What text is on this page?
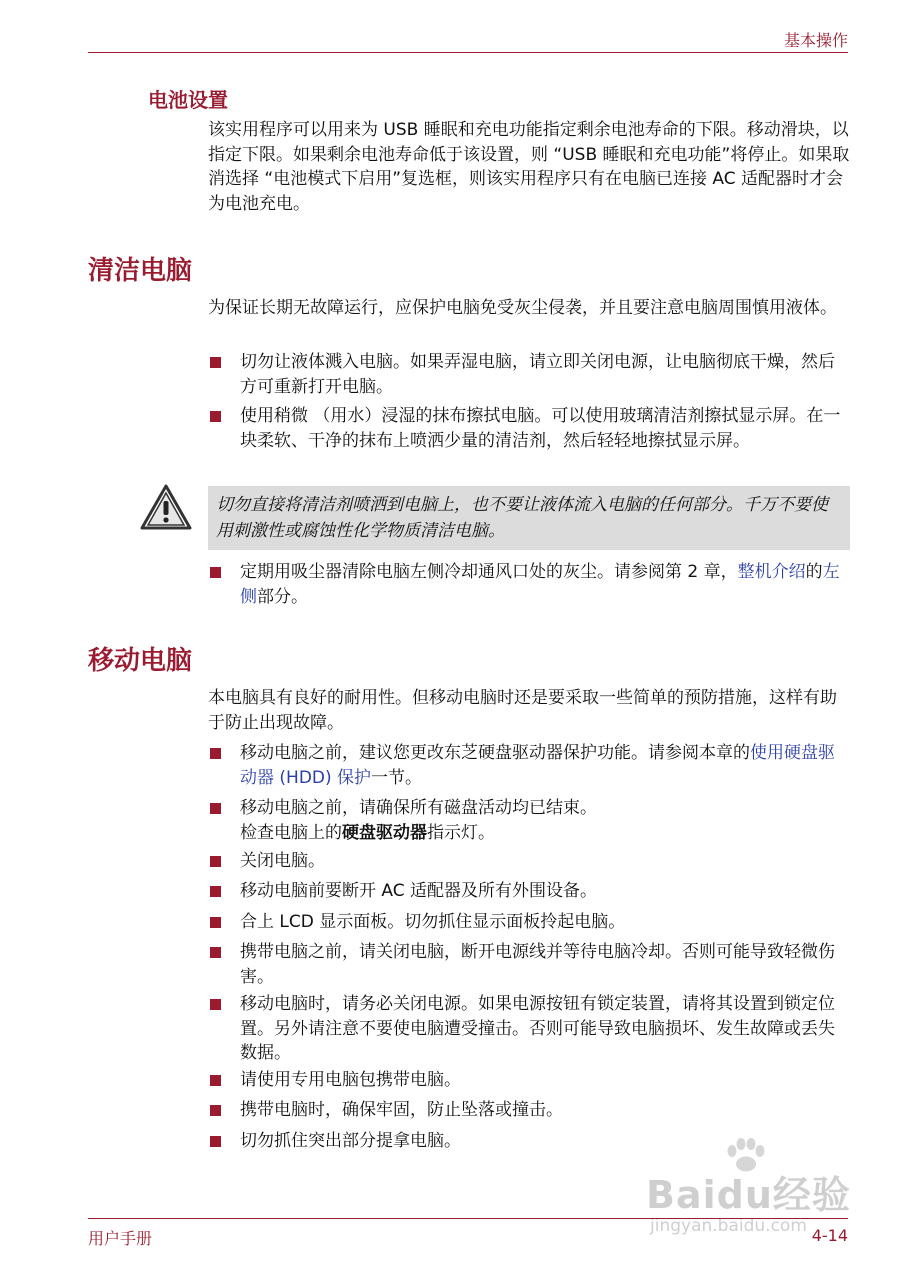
基本操作
电池设置
该实用程序可以用来为 USB 睡眠和充电功能指定剩余电池寿命的下限。移动滑块，以指定下限。如果剩余电池寿命低于该设置，则 “USB 睡眠和充电功能”将停止。如果取消选择 “电池模式下启用”复选框，则该实用程序只有在电脑已连接 AC 适配器时才会为电池充电。
清洁电脑
为保证长期无故障运行，应保护电脑免受灰尘侵袭，并且要注意电脑周围慎用液体。
切勿让液体溅入电脑。如果弄湿电脑，请立即关闭电源，让电脑彻底干燥，然后方可重新打开电脑。
使用稍微 （用水）浸湿的抹布擦拭电脑。可以使用玻璃清洁剂擦拭显示屏。在一块柔软、干净的抹布上喷洒少量的清洁剂，然后轻轻地擦拭显示屏。
切勿直接将清洁剂喷洒到电脑上，也不要让液体流入电脑的任何部分。千万不要使用刺激性或腐蚀性化学物质清洁电脑。
定期用吸尘器清除电脑左侧冷却通风口处的灰尘。请参阅第 2 章，整机介绍的左侧部分。
移动电脑
本电脑具有良好的耐用性。但移动电脑时还是要采取一些简单的预防措施，这样有助于防止出现故障。
移动电脑之前，建议您更改东芝硬盘驱动器保护功能。请参阅本章的使用硬盘驱动器 (HDD) 保护一节。
移动电脑之前，请确保所有磁盘活动均已结束。
检查电脑上的硬盘驱动器指示灯。
关闭电脑。
移动电脑前要断开 AC 适配器及所有外围设备。
合上 LCD 显示面板。切勿抓住显示面板拎起电脑。
携带电脑之前，请关闭电脑，断开电源线并等待电脑冷却。否则可能导致轻微伤害。
移动电脑时，请务必关闭电源。如果电源按钮有锁定装置，请将其设置到锁定位置。另外请注意不要使电脑遭受撞击。否则可能导致电脑损坏、发生故障或丢失数据。
请使用专用电脑包携带电脑。
携带电脑时，确保牢固，防止坠落或撞击。
切勿抓住突出部分提拿电脑。
Baidu经验
jingyan.baidu.com
用户手册	4-14
